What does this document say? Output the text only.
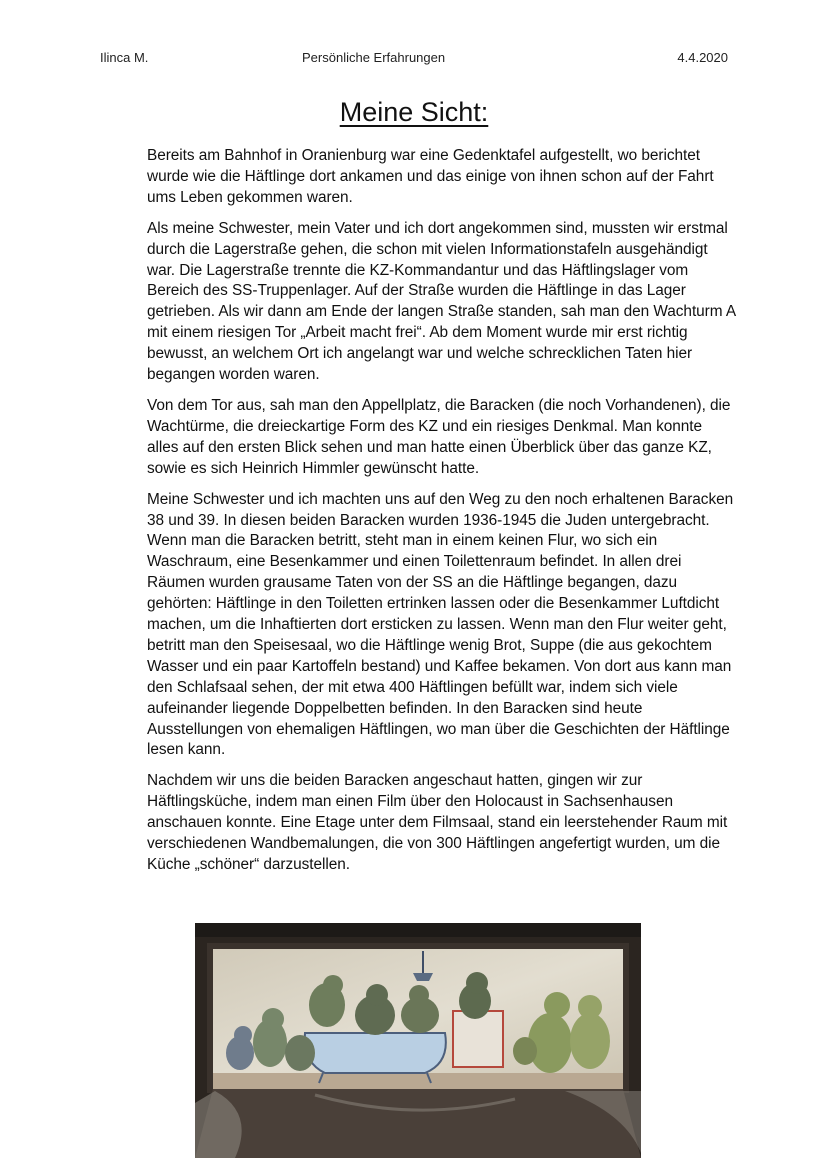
Ilinca M.	Persönliche Erfahrungen	4.4.2020
Meine Sicht:

Bereits am Bahnhof in Oranienburg war eine Gedenktafel aufgestellt, wo berichtet wurde wie die Häftlinge dort ankamen und das einige von ihnen schon auf der Fahrt ums Leben gekommen waren.

Als meine Schwester, mein Vater und ich dort angekommen sind, mussten wir erstmal durch die Lagerstraße gehen, die schon mit vielen Informationstafeln ausgehändigt war. Die Lagerstraße trennte die KZ-Kommandantur und das Häftlingslager vom Bereich des SS-Truppenlager. Auf der Straße wurden die Häftlinge in das Lager getrieben. Als wir dann am Ende der langen Straße standen, sah man den Wachturm A mit einem riesigen Tor „Arbeit macht frei“. Ab dem Moment wurde mir erst richtig bewusst, an welchem Ort ich angelangt war und welche schrecklichen Taten hier begangen worden waren.

Von dem Tor aus, sah man den Appellplatz, die Baracken (die noch Vorhandenen), die Wachtürme, die dreieckartige Form des KZ und ein riesiges Denkmal. Man konnte alles auf den ersten Blick sehen und man hatte einen Überblick über das ganze KZ, sowie es sich Heinrich Himmler gewünscht hatte.

Meine Schwester und ich machten uns auf den Weg zu den noch erhaltenen Baracken 38 und 39. In diesen beiden Baracken wurden 1936-1945 die Juden untergebracht. Wenn man die Baracken betritt, steht man in einem keinen Flur, wo sich ein Waschraum, eine Besenkammer und einen Toilettenraum befindet. In allen drei Räumen wurden grausame Taten von der SS an die Häftlinge begangen, dazu gehörten: Häftlinge in den Toiletten ertrinken lassen oder die Besenkammer Luftdicht machen, um die Inhaftierten dort ersticken zu lassen. Wenn man den Flur weiter geht, betritt man den Speisesaal, wo die Häftlinge wenig Brot, Suppe (die aus gekochtem Wasser und ein paar Kartoffeln bestand) und Kaffee bekamen. Von dort aus kann man den Schlafsaal sehen, der mit etwa 400 Häftlingen befüllt war, indem sich viele aufeinander liegende Doppelbetten befinden. In den Baracken sind heute Ausstellungen von ehemaligen Häftlingen, wo man über die Geschichten der Häftlinge lesen kann.

Nachdem wir uns die beiden Baracken angeschaut hatten, gingen wir zur Häftlingsküche, indem man einen Film über den Holocaust in Sachsenhausen anschauen konnte. Eine Etage unter dem Filmsaal, stand ein leerstehender Raum mit verschiedenen Wandbemalungen, die von 300 Häftlingen angefertigt wurden, um die Küche „schöner“ darzustellen.
